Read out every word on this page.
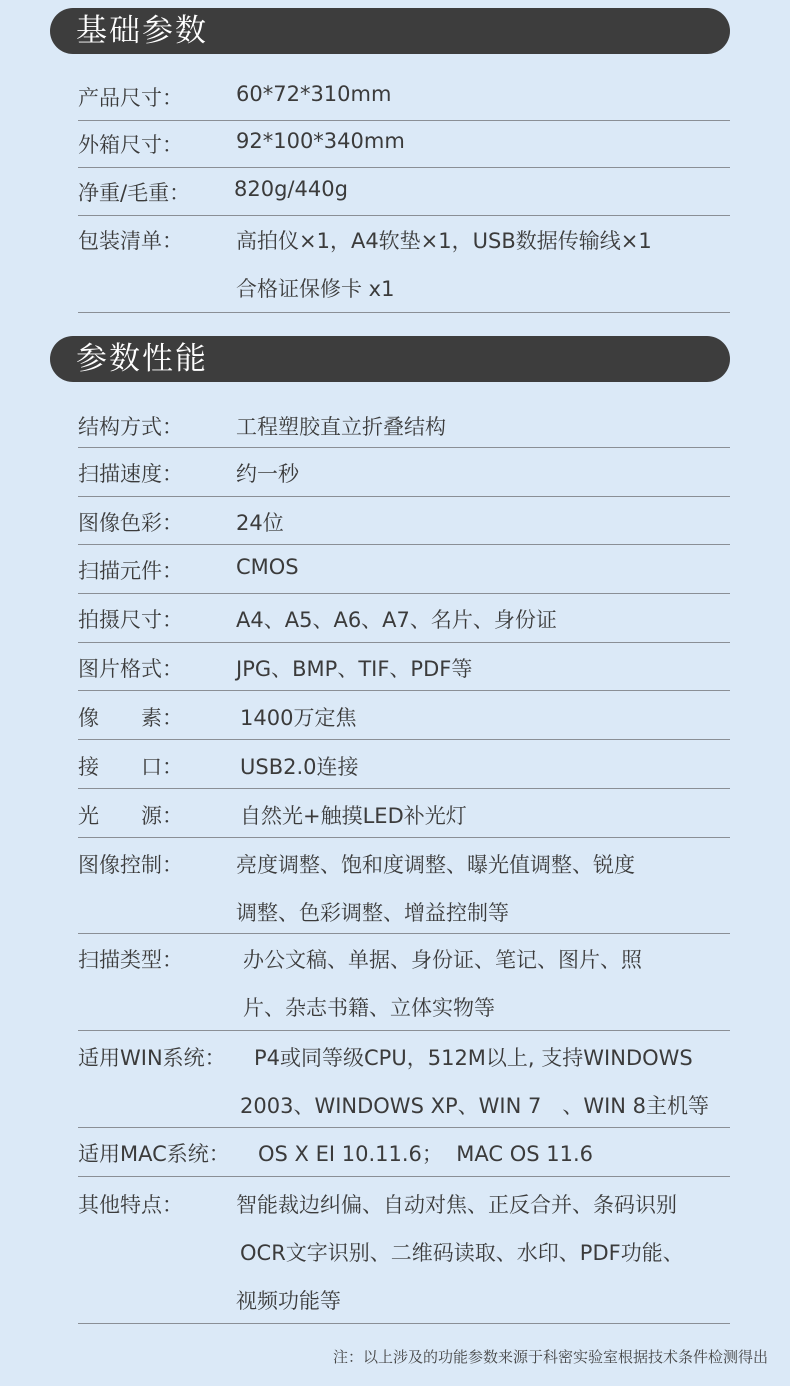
基础参数
产品尺寸：	60*72*310mm
外箱尺寸：	92*100*340mm
净重/毛重： 820g/440g
包装清单：	高拍仪×1，A4软垫×1，USB数据传输线×1
合格证保修卡 x1
参数性能
结构方式：	工程塑胶直立折叠结构
扫描速度：	约一秒
图像色彩：	24位
扫描元件：	CMOS
拍摄尺寸：	A4、A5、A6、A7、名片、身份证
图片格式：	JPG、BMP、TIF、PDF等
像　　素：	1400万定焦
接　　口：	USB2.0连接
光　　源：	自然光+触摸LED补光灯
图像控制：	亮度调整、饱和度调整、曝光值调整、锐度
调整、色彩调整、增益控制等
扫描类型：	办公文稿、单据、身份证、笔记、图片、照
片、杂志书籍、立体实物等
适用WIN系统： P4或同等级CPU，512M以上, 支持WINDOWS
2003、WINDOWS XP、WIN 7　、WIN 8主机等
适用MAC系统： OS X EI 10.11.6；  MAC OS 11.6
其他特点：	智能裁边纠偏、自动对焦、正反合并、条码识别
OCR文字识别、二维码读取、水印、PDF功能、
视频功能等
注：以上涉及的功能参数来源于科密实验室根据技术条件检测得出
